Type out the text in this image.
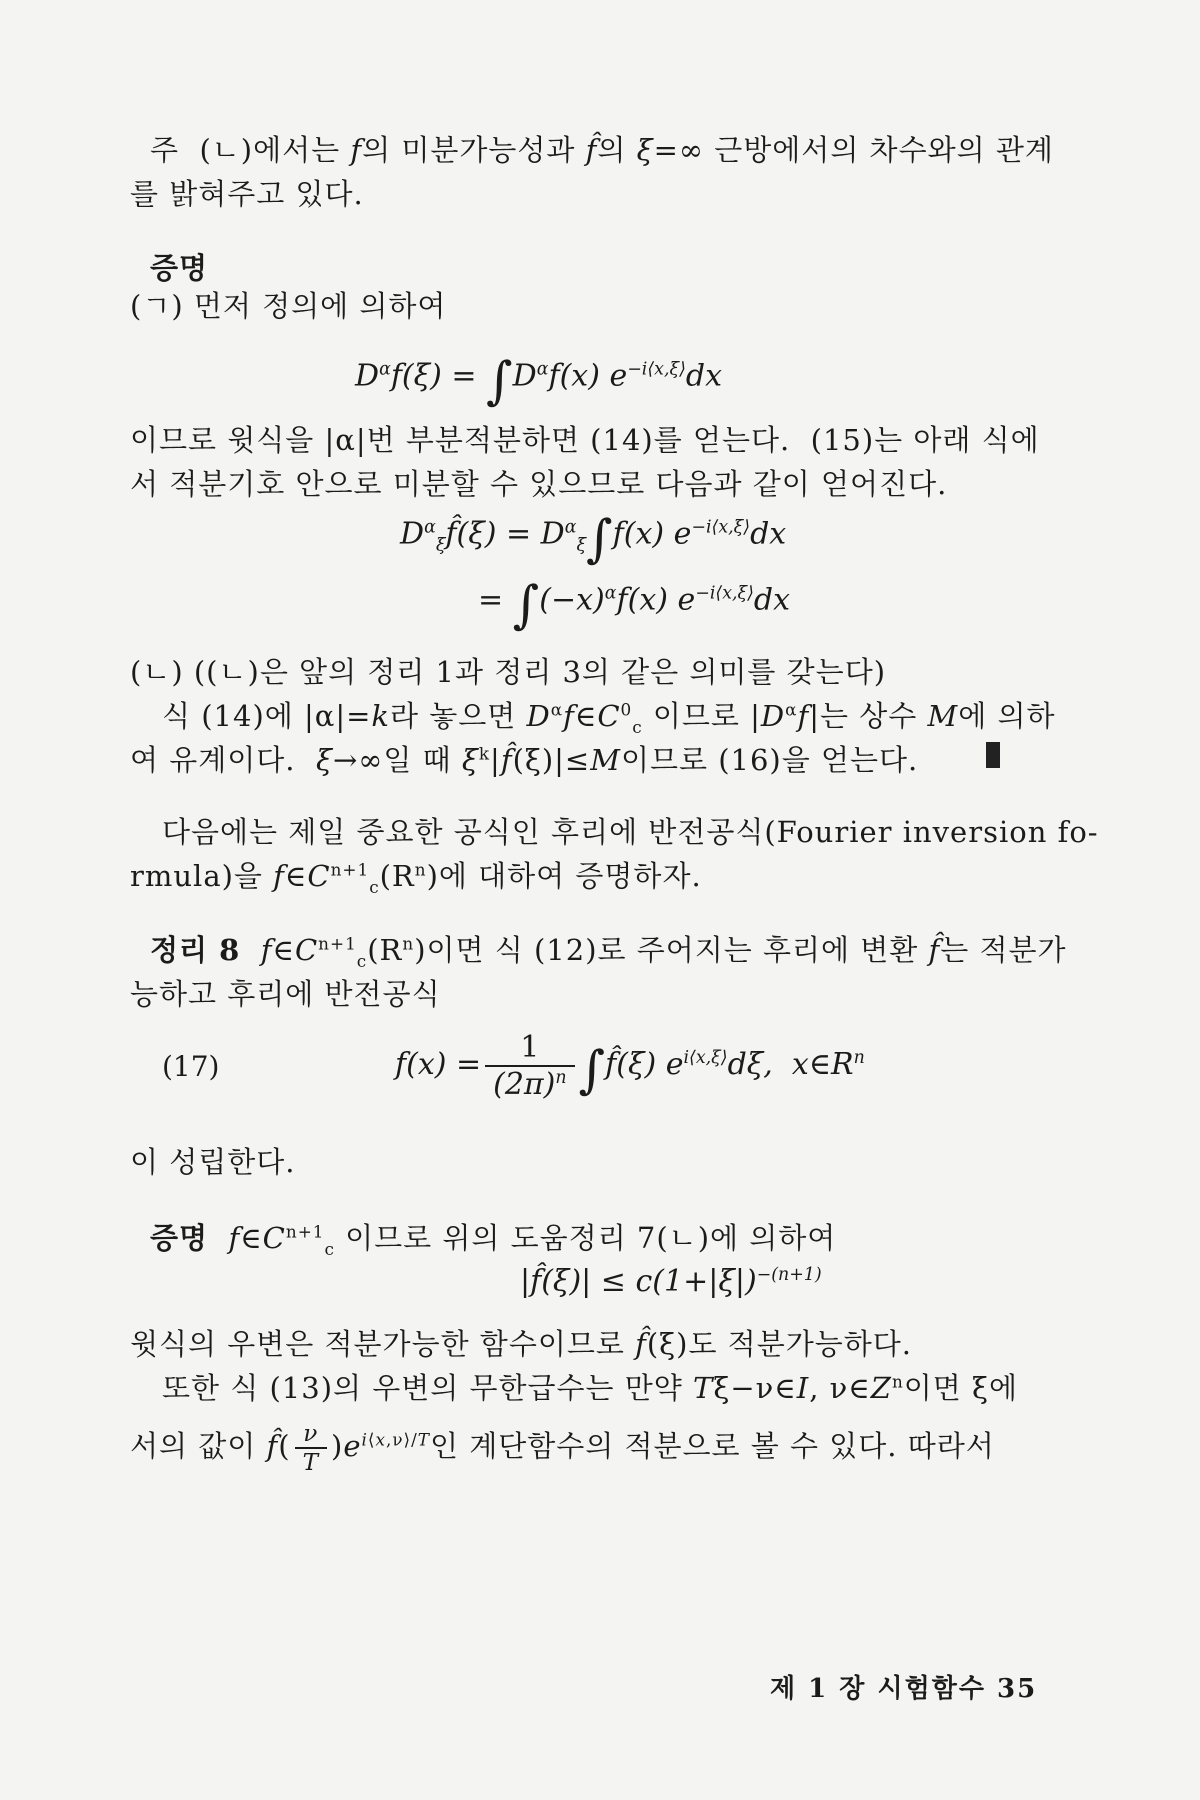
주  (ㄴ)에서는 f의 미분가능성과 f̂의 ξ=∞ 근방에서의 차수와의 관계
를 밝혀주고 있다.
증명
(ㄱ) 먼저 정의에 의하여
$D^\alpha f(\xi) = \int D^\alpha f(x)$ $e^{-i⟨x,\xi⟩}dx$
이므로 윗식을 |α|번 부분적분하면 (14)를 얻는다.  (15)는 아래 식에
서 적분기호 안으로 미분할 수 있으므로 다음과 같이 얻어진다.
$D^\alpha_\xi f̂(\xi) = D^\alpha_\xi\int f(x)$ $e^{-i⟨x,\xi⟩}dx$
= $\int(-x)^\alpha f(x)$ $e^{-i⟨x,\xi⟩}dx$
(ㄴ) ((ㄴ)은 앞의 정리 1과 정리 3의 같은 의미를 갖는다)
식 (14)에 |α|=k라 놓으면 $D^\alpha f\in C^0_c$ 이므로 $|D^\alpha f|$는 상수 M에 의하
여 유계이다.  ξ→∞일 때 $\xi^k|f̂(\xi)|\le M$이므로 (16)을 얻는다.
다음에는 제일 중요한 공식인 후리에 반전공식(Fourier inversion fo-
rmula)을 $f\in C^{n+1}_c(R^n)$에 대하여 증명하자.
정리 8 $f\in C^{n+1}_c(R^n)$이면 식 (12)로 주어지는 후리에 변환 f̂는 적분가
능하고 후리에 반전공식
(17)	$f(x) = \frac{1}{(2\pi)^n}$ ∫f̂(ξ) $e^{i⟨x,\xi⟩}d\xi$,  $x\in R^n$
이 성립한다.
증명 $f\in C^{n+1}_c$ 이므로 위의 도움정리 7(ㄴ)에 의하여
|f̂(ξ)| ≤ $c(1+|\xi|)^{-(n+1)}$
윗식의 우변은 적분가능한 함수이므로 f̂(ξ)도 적분가능하다.
또한 식 (13)의 우변의 무한급수는 만약 Tξ−ν∈I, $\nu\in Z^n$이면 ξ에
서의 값이 f̂( $\frac{\nu}{T} )e^{i⟨x,\nu⟩/T}$인 계단함수의 적분으로 볼 수 있다. 따라서
제 1 장 시험함수 35
